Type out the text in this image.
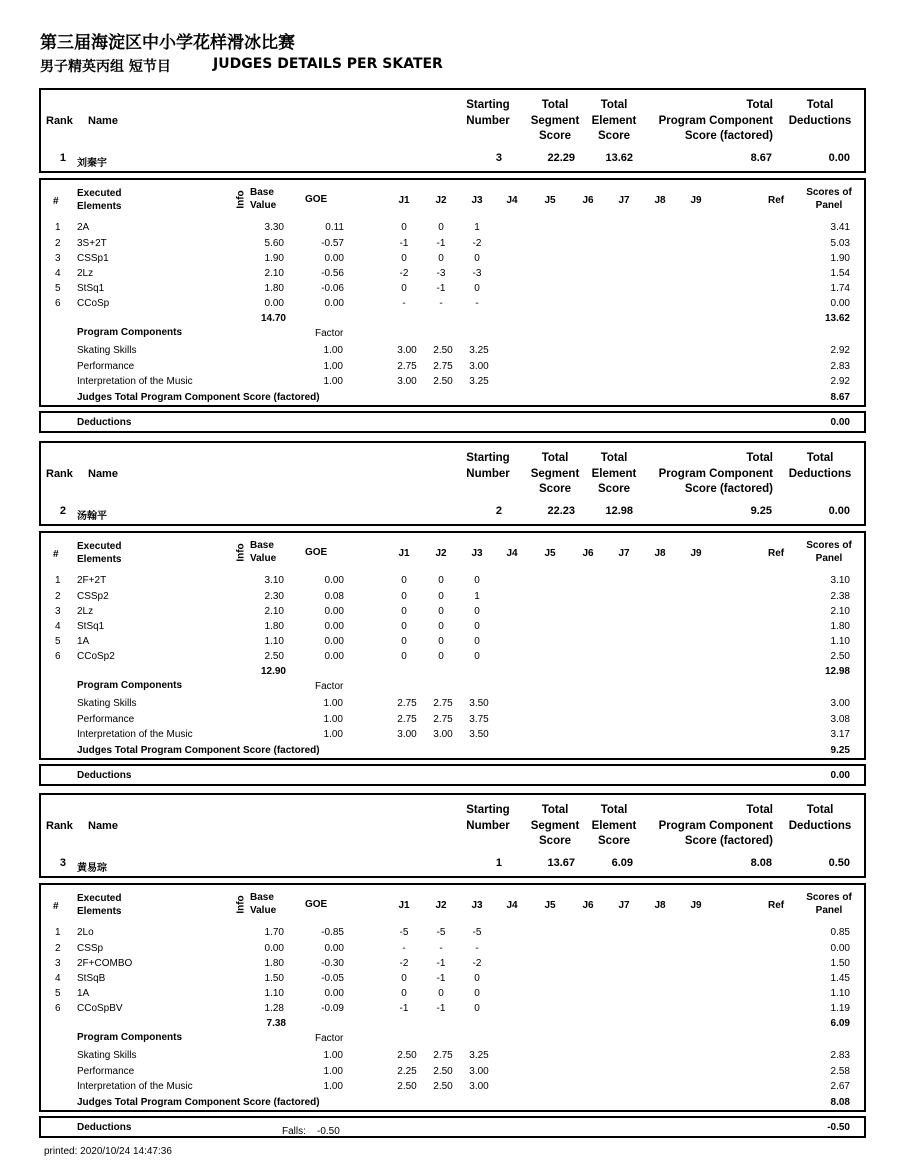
第三届海淀区中小学花样滑冰比赛
男子精英丙组 短节目	JUDGES DETAILS PER SKATER
Rank Name
Starting
Number
Total
Segment
Score
Total
Element
Score
Total
Deductions
Total
Program Component
Score (factored)
1 刘秦宇	3	22.29	13.62	8.67	0.00
#
Executed
Elements	Info Base
Value
GOE	J1	J2	J3	J4	J5	J6	J7	J8	J9	Ref
Scores of
Panel
1 2A	3.30	0.11	0	0	1	3.41
2 3S+2T	5.60	-0.57	-1	-1	-2	5.03
3 CSSp1	1.90	0.00	0	0	0	1.90
4 2Lz	2.10	-0.56	-2	-3	-3	1.54
5 StSq1	1.80	-0.06	0	-1	0	1.74
6 CCoSp	0.00	0.00	-	-	-	0.00
14.70	13.62
Program Components	Factor
Skating Skills	1.00	3.00	2.50	3.25	2.92
Performance	1.00	2.75	2.75	3.00	2.83
Interpretation of the Music	1.00	3.00	2.50	3.25	2.92
Judges Total Program Component Score (factored)	8.67
Deductions	0.00
Rank Name
Starting
Number
Total
Segment
Score
Total
Element
Score
Total
Deductions
Total
Program Component
Score (factored)
2 汤翰平	2	22.23	12.98	9.25	0.00
#
Executed
Elements	Info Base
Value
GOE	J1	J2	J3	J4	J5	J6	J7	J8	J9	Ref
Scores of
Panel
1 2F+2T	3.10	0.00	0	0	0	3.10
2 CSSp2	2.30	0.08	0	0	1	2.38
3 2Lz	2.10	0.00	0	0	0	2.10
4 StSq1	1.80	0.00	0	0	0	1.80
5 1A	1.10	0.00	0	0	0	1.10
6 CCoSp2	2.50	0.00	0	0	0	2.50
12.90	12.98
Program Components	Factor
Skating Skills	1.00	2.75	2.75	3.50	3.00
Performance	1.00	2.75	2.75	3.75	3.08
Interpretation of the Music	1.00	3.00	3.00	3.50	3.17
Judges Total Program Component Score (factored)	9.25
Deductions	0.00
Rank Name
Starting
Number
Total
Segment
Score
Total
Element
Score
Total
Deductions
Total
Program Component
Score (factored)
3 黄易琮	1	13.67	6.09	8.08	0.50
#
Executed
Elements	Info Base
Value
GOE	J1	J2	J3	J4	J5	J6	J7	J8	J9	Ref
Scores of
Panel
1 2Lo	1.70	-0.85	-5	-5	-5	0.85
2 CSSp	0.00	0.00	-	-	-	0.00
3 2F+COMBO	1.80	-0.30	-2	-1	-2	1.50
4 StSqB	1.50	-0.05	0	-1	0	1.45
5 1A	1.10	0.00	0	0	0	1.10
6 CCoSpBV	1.28	-0.09	-1	-1	0	1.19
7.38	6.09
Program Components	Factor
Skating Skills	1.00	2.50	2.75	3.25	2.83
Performance	1.00	2.25	2.50	3.00	2.58
Interpretation of the Music	1.00	2.50	2.50	3.00	2.67
Judges Total Program Component Score (factored)	8.08
Deductions	Falls: -0.50	-0.50
printed: 2020/10/24 14:47:36
